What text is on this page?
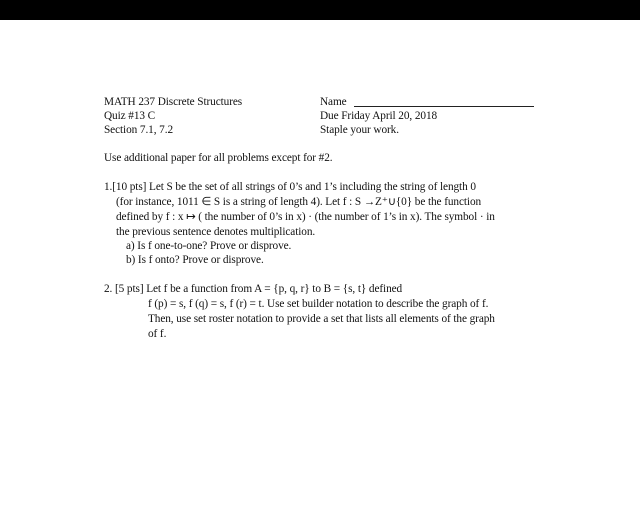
MATH 237 Discrete Structures
Quiz #13 C
Section 7.1, 7.2
Name
Due Friday April 20, 2018
Staple your work.
Use additional paper for all problems except for #2.
1.[10 pts] Let S be the set of all strings of 0’s and 1’s including the string of length 0
(for instance, 1011 ∈ S is a string of length 4). Let f : S →Z⁺∪{0} be the function
defined by f : x ↦ ( the number of 0’s in x) · (the number of 1’s in x). The symbol · in
the previous sentence denotes multiplication.
a) Is f one-to-one? Prove or disprove.
b) Is f onto? Prove or disprove.
2. [5 pts] Let f be a function from A = {p, q, r} to B = {s, t} defined
f (p) = s, f (q) = s, f (r) = t. Use set builder notation to describe the graph of f.
Then, use set roster notation to provide a set that lists all elements of the graph
of f.
